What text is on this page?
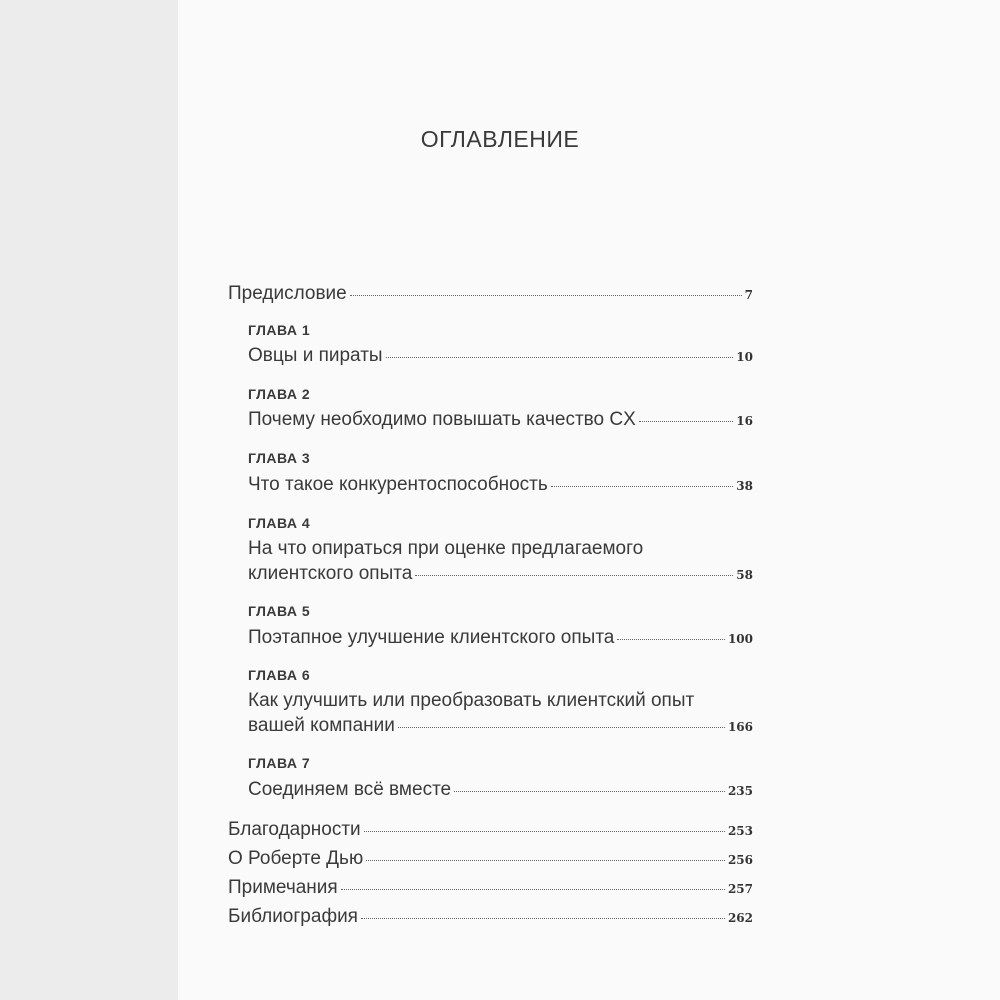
ОГЛАВЛЕНИЕ
Предисловие	7
ГЛАВА 1
Овцы и пираты	10
ГЛАВА 2
Почему необходимо повышать качество CX	16
ГЛАВА 3
Что такое конкурентоспособность	38
ГЛАВА 4
На что опираться при оценке предлагаемого
клиентского опыта	58
ГЛАВА 5
Поэтапное улучшение клиентского опыта	100
ГЛАВА 6
Как улучшить или преобразовать клиентский опыт
вашей компании	166
ГЛАВА 7
Соединяем всё вместе	235
Благодарности	253
О Роберте Дью	256
Примечания	257
Библиография	262
